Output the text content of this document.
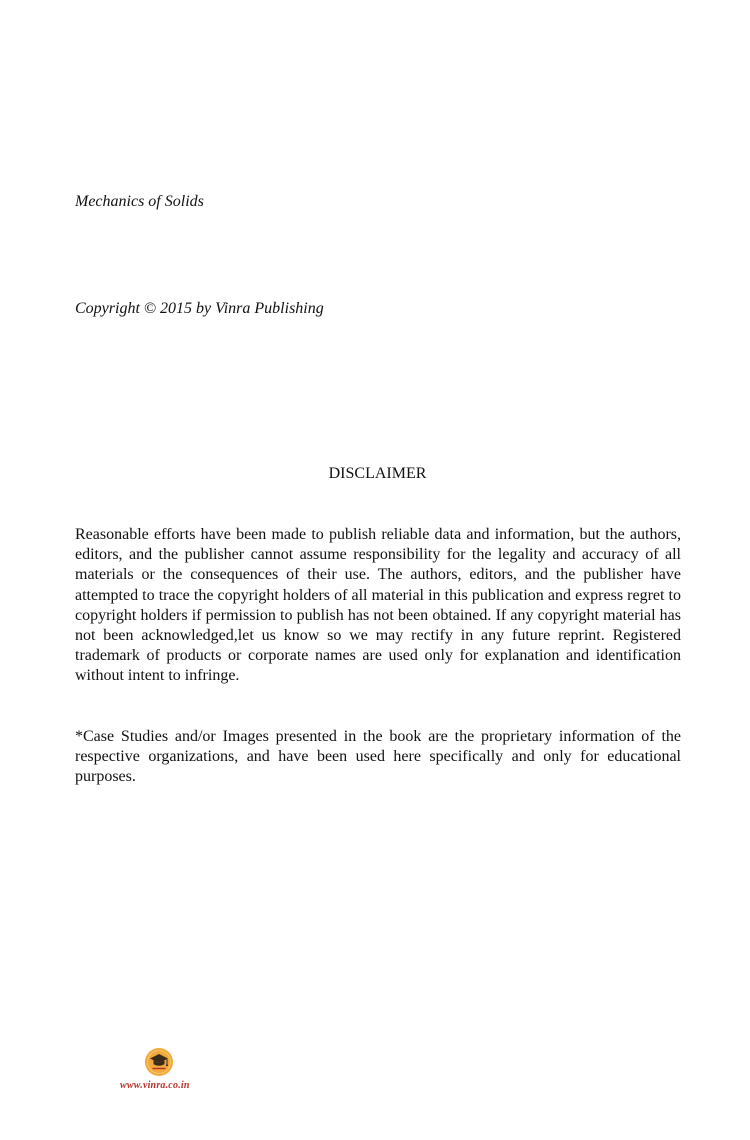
Mechanics of Solids

Copyright © 2015 by Vinra Publishing

DISCLAIMER

Reasonable efforts have been made to publish reliable data and information, but the authors, editors, and the publisher cannot assume responsibility for the legality and accuracy of all materials or the consequences of their use. The authors, editors, and the publisher have attempted to trace the copyright holders of all material in this publication and express regret to copyright holders if permission to publish has not been obtained. If any copyright material has not been acknowledged,let us know so we may rectify in any future reprint. Registered trademark of products or corporate names are used only for explanation and identification without intent to infringe.

*Case Studies and/or Images presented in the book are the proprietary information of the respective organizations, and have been used here specifically and only for educational purposes.

www.vinra.co.in
